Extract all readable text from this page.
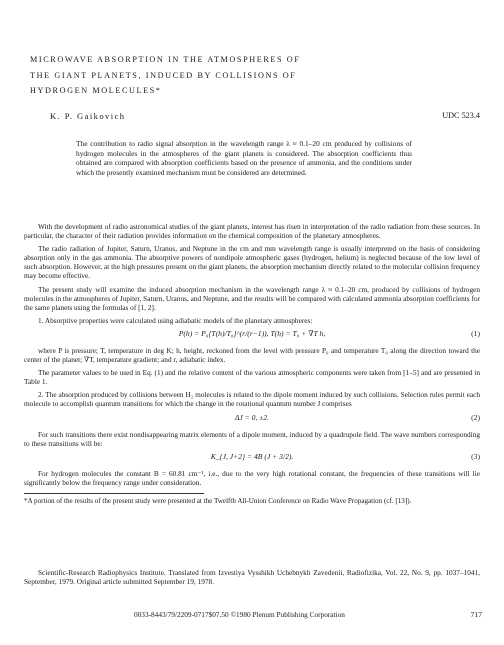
MICROWAVE ABSORPTION IN THE ATMOSPHERES OF
THE GIANT PLANETS, INDUCED BY COLLISIONS OF
HYDROGEN MOLECULES*
K. P. Gaikovich	UDC 523.4
The contribution to radio signal absorption in the wavelength range λ ≈ 0.1–20 cm produced by collisions of hydrogen molecules in the atmospheres of the giant planets is considered. The absorption coefficients thus obtained are compared with absorption coefficients based on the presence of ammonia, and the conditions under which the presently examined mechanism must be considered are determined.

With the development of radio astronomical studies of the giant planets, interest has risen in interpretation of the radio radiation from these sources. In particular, the character of their radiation provides information on the chemical composition of the planetary atmospheres.

The radio radiation of Jupiter, Saturn, Uranus, and Neptune in the cm and mm wavelength range is usually interpreted on the basis of considering absorption only in the gas ammonia. The absorptive powers of nondipole atmospheric gases (hydrogen, helium) is neglected because of the low level of such absorption. However, at the high pressures present on the giant planets, the absorption mechanism directly related to the molecular collision frequency may become effective.

The present study will examine the induced absorption mechanism in the wavelength range λ ≈ 0.1–20 cm, produced by collisions of hydrogen molecules in the atmospheres of Jupiter, Saturn, Uranus, and Neptune, and the results will be compared with calculated ammonia absorption coefficients for the same planets using the formulas of [1, 2].

1. Absorptive properties were calculated using adiabatic models of the planetary atmospheres:

P(h) = P₀[T(h)/T₀]^(r/(r−1)), T(h) = T₀ + ∇T h,	(1)

where P is pressure; T, temperature in deg K; h, height, reckoned from the level with pressure P₀ and temperature T₀ along the direction toward the center of the planet; ∇T, temperature gradient; and r, adiabatic index.

The parameter values to be used in Eq. (1) and the relative content of the various atmospheric components were taken from [1–5] and are presented in Table 1.

2. The absorption produced by collisions between H₂ molecules is related to the dipole moment induced by such collisions. Selection rules permit each molecule to accomplish quantum transitions for which the change in the rotational quantum number J comprises

ΔJ = 0, ±2.	(2)

For such transitions there exist nondisappearing matrix elements of a dipole moment, induced by a quadrupole field. The wave numbers corresponding to these transitions will be:

K_{J, J+2} = 4B (J + 3/2).	(3)

For hydrogen molecules the constant B = 60.81 cm⁻¹, i.e., due to the very high rotational constant, the frequencies of these transitions will lie significantly below the frequency range under consideration.

*A portion of the results of the present study were presented at the Twelfth All-Union Conference on Radio Wave Propagation (cf. [13]).

Scientific-Research Radiophysics Institute. Translated from Izvestiya Vysshikh Uchebnykh Zavedenii, Radiofizika, Vol. 22, No. 9, pp. 1037–1041, September, 1979. Original article submitted September 19, 1978.
0033-8443/79/2209-0717$07.50 ©1980 Plenum Publishing Corporation	717
